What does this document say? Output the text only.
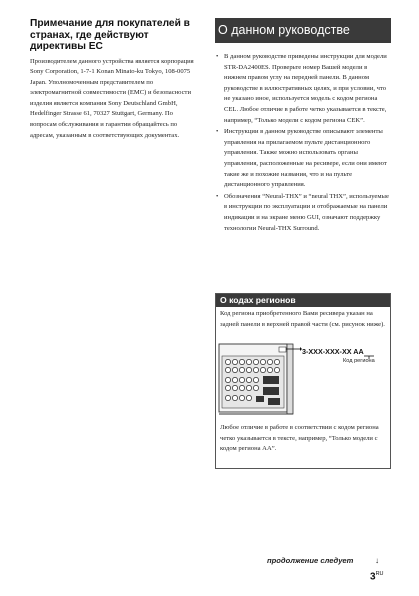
Примечание для покупателей в странах, где действуют директивы ЕС

Производителем данного устройства является корпорация Sony Corporation, 1-7-1 Konan Minato-ku Tokyo, 108-0075 Japan. Уполномоченным представителем по электромагнитной совместимости (EMC) и безопасности изделия является компания Sony Deutschland GmbH, Hedelfinger Strasse 61, 70327 Stuttgart, Germany. По вопросам обслуживания и гарантии обращайтесь по адресам, указанным в соответствующих документах.

О данном руководстве
• В данном руководстве приведены инструкции для модели STR-DA2400ES. Проверьте номер Вашей модели в нижнем правом углу на передней панели. В данном руководстве в иллюстративных целях, и при условии, что не указано иное, используется модель с кодом региона CEL. Любое отличие в работе четко указывается в тексте, например, “Только модели с кодом региона CEK”.
• Инструкции в данном руководстве описывают элементы управления на прилагаемом пульте дистанционного управления. Также можно использовать органы управления, расположенные на ресивере, если они имеют такие же и похожие названия, что и на пульте дистанционного управления.
• Обозначения “Neural-THX” и “neural THX”, используемые в инструкции по эксплуатации и отображаемые на панели индикации и на экране меню GUI, означают поддержку технологии Neural-THX Surround.
О кодах регионов

Код региона приобретенного Вами ресивера указан на задней панели в верхней правой части (см. рисунок ниже).

3-XXX-XXX-XX AA
Код региона

Любое отличие в работе в соответствии с кодом региона четко указывается в тексте, например, “Только модели с кодом региона AA”.

продолжение следует	↓
$3^{RU}$
